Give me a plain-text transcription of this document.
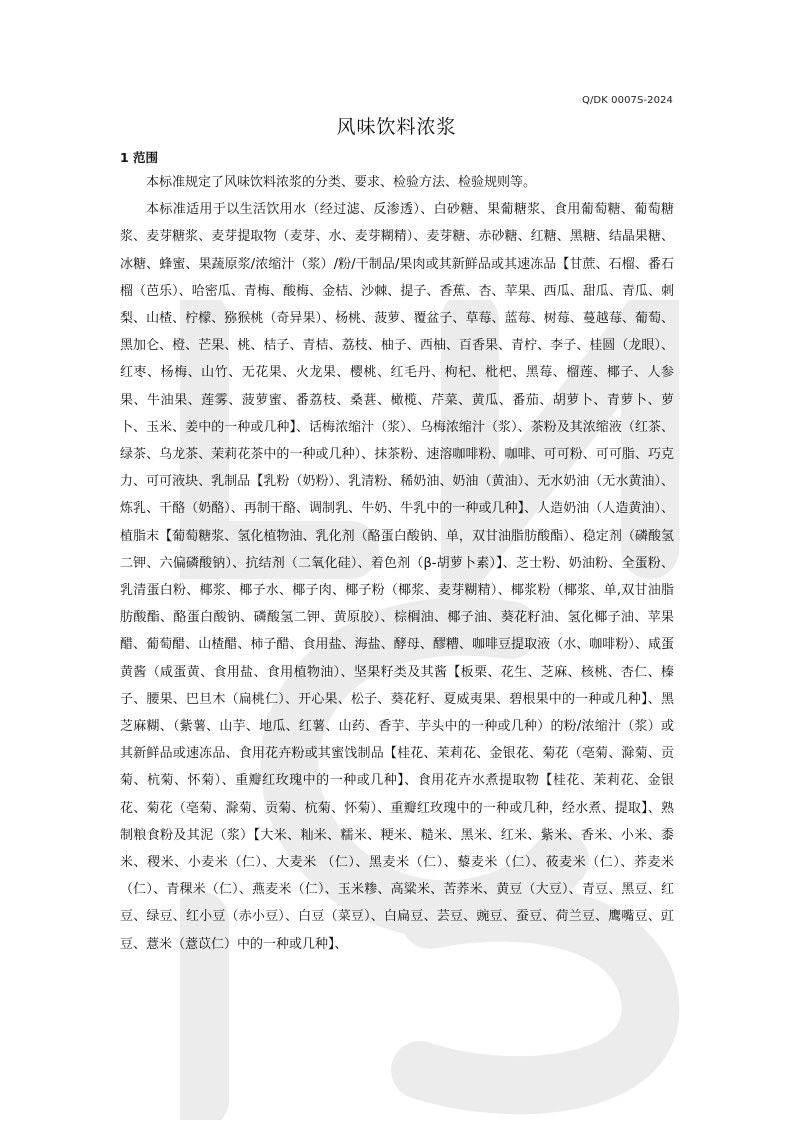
Q/DK 0007S-2024
风味饮料浓浆
1 范围

本标准规定了风味饮料浓浆的分类、要求、检验方法、检验规则等。

本标准适用于以生活饮用水（经过滤、反渗透）、白砂糖、果葡糖浆、食用葡萄糖、葡萄糖浆、麦芽糖浆、麦芽提取物（麦芽、水、麦芽糊精）、麦芽糖、赤砂糖、红糖、黑糖、结晶果糖、冰糖、蜂蜜、果蔬原浆/浓缩汁（浆）/粉/干制品/果肉或其新鲜品或其速冻品【甘蔗、石榴、番石榴（芭乐）、哈密瓜、青梅、酸梅、金桔、沙棘、提子、香蕉、杏、苹果、西瓜、甜瓜、青瓜、刺梨、山楂、柠檬、猕猴桃（奇异果）、杨桃、菠萝、覆盆子、草莓、蓝莓、树莓、蔓越莓、葡萄、黑加仑、橙、芒果、桃、桔子、青桔、荔枝、柚子、西柚、百香果、青柠、李子、桂圆（龙眼）、红枣、杨梅、山竹、无花果、火龙果、樱桃、红毛丹、枸杞、枇杷、黑莓、榴莲、椰子、人参果、牛油果、莲雾、菠萝蜜、番荔枝、桑葚、橄榄、芹菜、黄瓜、番茄、胡萝卜、青萝卜、萝卜、玉米、姜中的一种或几种】、话梅浓缩汁（浆）、乌梅浓缩汁（浆）、茶粉及其浓缩液（红茶、绿茶、乌龙茶、茉莉花茶中的一种或几种）、抹茶粉、速溶咖啡粉、咖啡、可可粉、可可脂、巧克力、可可液块、乳制品【乳粉（奶粉）、乳清粉、稀奶油、奶油（黄油）、无水奶油（无水黄油）、炼乳、干酪（奶酪）、再制干酪、调制乳、牛奶、牛乳中的一种或几种】、人造奶油（人造黄油）、植脂末【葡萄糖浆、氢化植物油、乳化剂（酪蛋白酸钠、单，双甘油脂肪酸酯）、稳定剂（磷酸氢二钾、六偏磷酸钠）、抗结剂（二氧化硅）、着色剂（β-胡萝卜素）】、芝士粉、奶油粉、全蛋粉、乳清蛋白粉、椰浆、椰子水、椰子肉、椰子粉（椰浆、麦芽糊精）、椰浆粉（椰浆、单,双甘油脂肪酸酯、酪蛋白酸钠、磷酸氢二钾、黄原胶）、棕榈油、椰子油、葵花籽油、氢化椰子油、苹果醋、葡萄醋、山楂醋、柿子醋、食用盐、海盐、酵母、醪糟、咖啡豆提取液（水、咖啡粉）、咸蛋黄酱（咸蛋黄、食用盐、食用植物油）、坚果籽类及其酱【板栗、花生、芝麻、核桃、杏仁、榛子、腰果、巴旦木（扁桃仁）、开心果、松子、葵花籽、夏威夷果、碧根果中的一种或几种】、黑芝麻糊、（紫薯、山芋、地瓜、红薯、山药、香芋、芋头中的一种或几种）的粉/浓缩汁（浆）或其新鲜品或速冻品、食用花卉粉或其蜜饯制品【桂花、茉莉花、金银花、菊花（亳菊、滁菊、贡菊、杭菊、怀菊）、重瓣红玫瑰中的一种或几种】、食用花卉水煮提取物【桂花、茉莉花、金银花、菊花（亳菊、滁菊、贡菊、杭菊、怀菊）、重瓣红玫瑰中的一种或几种，经水煮、提取】、熟制粮食粉及其泥（浆）【大米、籼米、糯米、粳米、糙米、黑米、红米、紫米、香米、小米、黍米、稷米、小麦米（仁）、大麦米 （仁）、黑麦米（仁）、藜麦米（仁）、莜麦米（仁）、荞麦米（仁）、青稞米（仁）、燕麦米（仁）、玉米糁、高粱米、苦荞米、黄豆（大豆）、青豆、黑豆、红豆、绿豆、红小豆（赤小豆）、白豆（菜豆）、白扁豆、芸豆、豌豆、蚕豆、荷兰豆、鹰嘴豆、豇豆、薏米（薏苡仁）中的一种或几种】、
